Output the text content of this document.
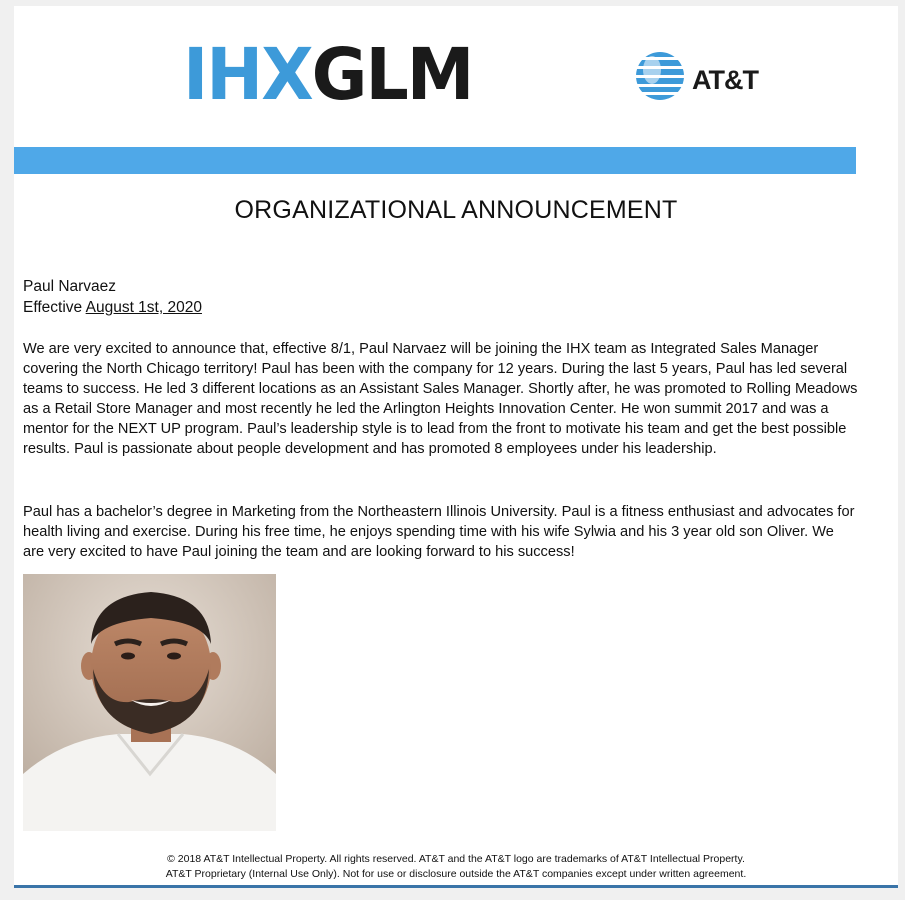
IHXGLM	AT&T
ORGANIZATIONAL ANNOUNCEMENT
Paul Narvaez
Effective August 1st, 2020

We are very excited to announce that, effective 8/1, Paul Narvaez will be joining the IHX team as Integrated Sales Manager covering the North Chicago territory! Paul has been with the company for 12 years. During the last 5 years, Paul has led several teams to success. He led 3 different locations as an Assistant Sales Manager. Shortly after, he was promoted to Rolling Meadows as a Retail Store Manager and most recently he led the Arlington Heights Innovation Center. He won summit 2017 and was a mentor for the NEXT UP program. Paul’s leadership style is to lead from the front to motivate his team and get the best possible results. Paul is passionate about people development and has promoted 8 employees under his leadership.

Paul has a bachelor’s degree in Marketing from the Northeastern Illinois University. Paul is a fitness enthusiast and advocates for health living and exercise. During his free time, he enjoys spending time with his wife Sylwia and his 3 year old son Oliver. We are very excited to have Paul joining the team and are looking forward to his success!

© 2018 AT&T Intellectual Property. All rights reserved. AT&T and the AT&T logo are trademarks of AT&T Intellectual Property.
AT&T Proprietary (Internal Use Only). Not for use or disclosure outside the AT&T companies except under written agreement.
